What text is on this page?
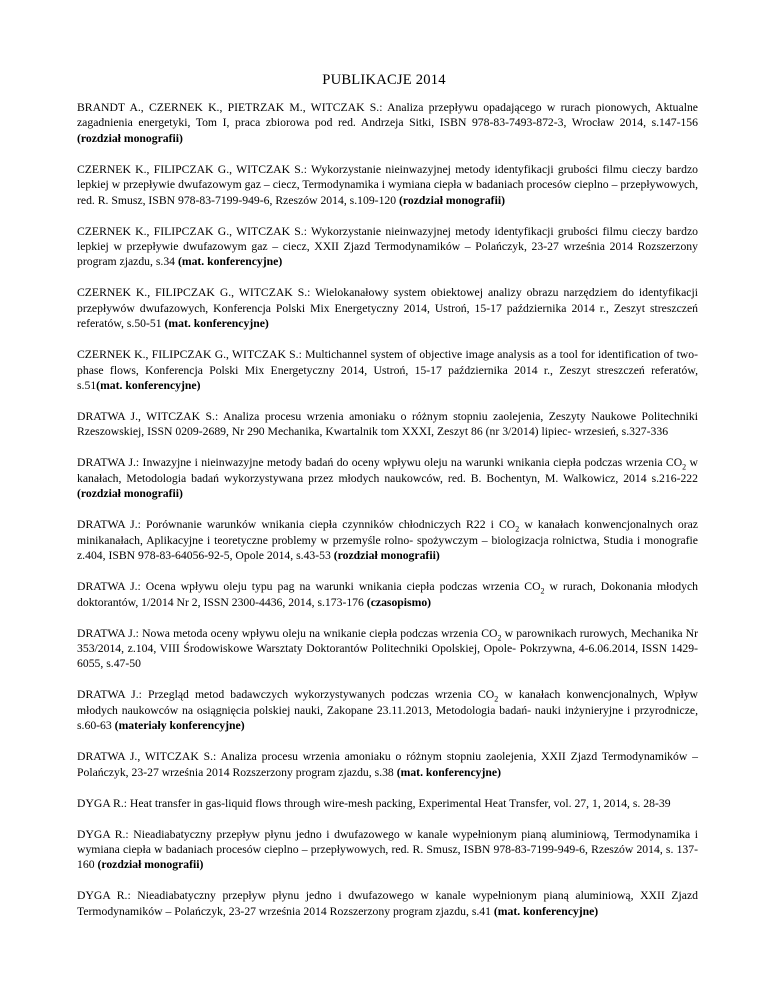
PUBLIKACJE 2014

BRANDT A., CZERNEK K., PIETRZAK M., WITCZAK S.: Analiza przepływu opadającego w rurach pionowych, Aktualne zagadnienia energetyki, Tom I, praca zbiorowa pod red. Andrzeja Sitki, ISBN 978-83-7493-872-3, Wrocław 2014, s.147-156 (rozdział monografii)

CZERNEK K., FILIPCZAK G., WITCZAK S.: Wykorzystanie nieinwazyjnej metody identyfikacji grubości filmu cieczy bardzo lepkiej w przepływie dwufazowym gaz – ciecz, Termodynamika i wymiana ciepła w badaniach procesów cieplno – przepływowych, red. R. Smusz, ISBN 978-83-7199-949-6, Rzeszów 2014, s.109-120 (rozdział monografii)

CZERNEK K., FILIPCZAK G., WITCZAK S.: Wykorzystanie nieinwazyjnej metody identyfikacji grubości filmu cieczy bardzo lepkiej w przepływie dwufazowym gaz – ciecz, XXII Zjazd Termodynamików – Polańczyk, 23-27 września 2014 Rozszerzony program zjazdu, s.34 (mat. konferencyjne)

CZERNEK K., FILIPCZAK G., WITCZAK S.: Wielokanałowy system obiektowej analizy obrazu narzędziem do identyfikacji przepływów dwufazowych, Konferencja Polski Mix Energetyczny 2014, Ustroń, 15-17 października 2014 r., Zeszyt streszczeń referatów, s.50-51 (mat. konferencyjne)

CZERNEK K., FILIPCZAK G., WITCZAK S.: Multichannel system of objective image analysis as a tool for identification of two-phase flows, Konferencja Polski Mix Energetyczny 2014, Ustroń, 15-17 października 2014 r., Zeszyt streszczeń referatów, s.51(mat. konferencyjne)

DRATWA J., WITCZAK S.: Analiza procesu wrzenia amoniaku o różnym stopniu zaolejenia, Zeszyty Naukowe Politechniki Rzeszowskiej, ISSN 0209-2689, Nr 290 Mechanika, Kwartalnik tom XXXI, Zeszyt 86 (nr 3/2014) lipiec- wrzesień, s.327-336

DRATWA J.: Inwazyjne i nieinwazyjne metody badań do oceny wpływu oleju na warunki wnikania ciepła podczas wrzenia $CO_2$ w kanałach, Metodologia badań wykorzystywana przez młodych naukowców, red. B. Bochentyn, M. Walkowicz, 2014 s.216-222 (rozdział monografii)

DRATWA J.: Porównanie warunków wnikania ciepła czynników chłodniczych R22 i $CO_2$ w kanałach konwencjonalnych oraz minikanałach, Aplikacyjne i teoretyczne problemy w przemyśle rolno- spożywczym – biologizacja rolnictwa, Studia i monografie z.404, ISBN 978-83-64056-92-5, Opole 2014, s.43-53 (rozdział monografii)

DRATWA J.: Ocena wpływu oleju typu pag na warunki wnikania ciepła podczas wrzenia $CO_2$ w rurach, Dokonania młodych doktorantów, 1/2014 Nr 2, ISSN 2300-4436, 2014, s.173-176 (czasopismo)

DRATWA J.: Nowa metoda oceny wpływu oleju na wnikanie ciepła podczas wrzenia $CO_2$ w parownikach rurowych, Mechanika Nr 353/2014, z.104, VIII Środowiskowe Warsztaty Doktorantów Politechniki Opolskiej, Opole- Pokrzywna, 4-6.06.2014, ISSN 1429-6055, s.47-50

DRATWA J.: Przegląd metod badawczych wykorzystywanych podczas wrzenia $CO_2$ w kanałach konwencjonalnych, Wpływ młodych naukowców na osiągnięcia polskiej nauki, Zakopane 23.11.2013, Metodologia badań- nauki inżynieryjne i przyrodnicze, s.60-63 (materiały konferencyjne)

DRATWA J., WITCZAK S.: Analiza procesu wrzenia amoniaku o różnym stopniu zaolejenia, XXII Zjazd Termodynamików – Polańczyk, 23-27 września 2014 Rozszerzony program zjazdu, s.38 (mat. konferencyjne)

DYGA R.: Heat transfer in gas-liquid flows through wire-mesh packing, Experimental Heat Transfer, vol. 27, 1, 2014, s. 28-39

DYGA R.: Nieadiabatyczny przepływ płynu jedno i dwufazowego w kanale wypełnionym pianą aluminiową, Termodynamika i wymiana ciepła w badaniach procesów cieplno – przepływowych, red. R. Smusz, ISBN 978-83-7199-949-6, Rzeszów 2014, s. 137-160 (rozdział monografii)

DYGA R.: Nieadiabatyczny przepływ płynu jedno i dwufazowego w kanale wypełnionym pianą aluminiową, XXII Zjazd Termodynamików – Polańczyk, 23-27 września 2014 Rozszerzony program zjazdu, s.41 (mat. konferencyjne)
